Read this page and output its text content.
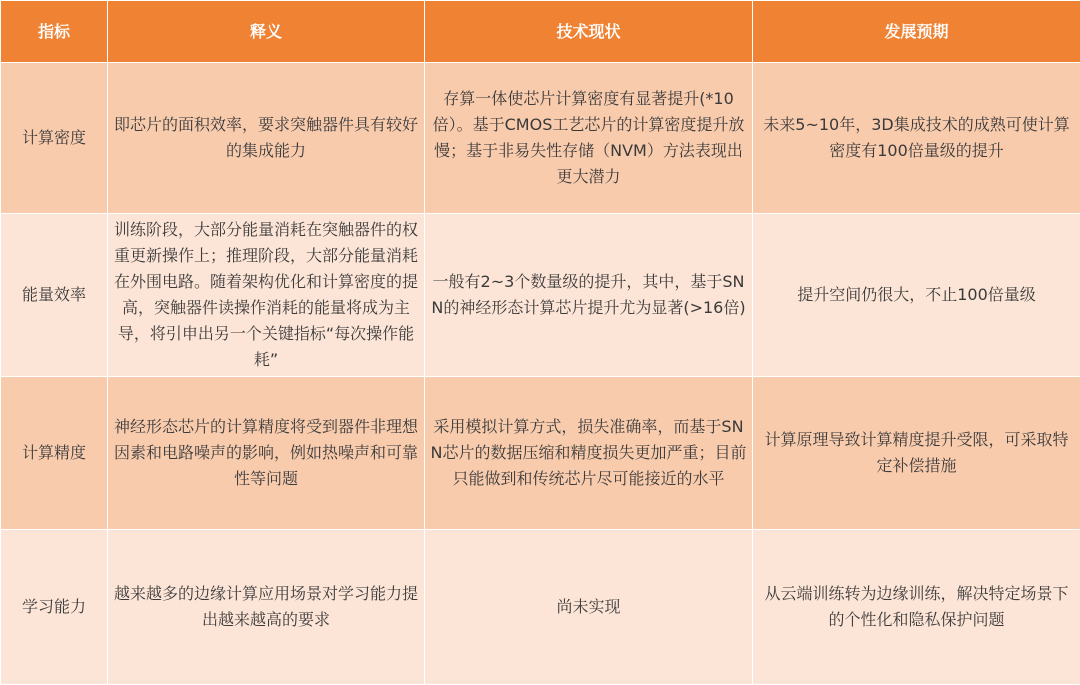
指标	释义	技术现状	发展预期
计算密度	即芯片的面积效率，要求突触器件具有较好的集成能力	存算一体使芯片计算密度有显著提升(*10倍）。基于CMOS工艺芯片的计算密度提升放慢；基于非易失性存储（NVM）方法表现出更大潜力	未来5~10年，3D集成技术的成熟可使计算密度有100倍量级的提升
能量效率	训练阶段，大部分能量消耗在突触器件的权重更新操作上；推理阶段，大部分能量消耗在外围电路。随着架构优化和计算密度的提高，突触器件读操作消耗的能量将成为主导，将引申出另一个关键指标“每次操作能耗”	一般有2~3个数量级的提升，其中，基于SNN的神经形态计算芯片提升尤为显著(>16倍)	提升空间仍很大，不止100倍量级
计算精度	神经形态芯片的计算精度将受到器件非理想因素和电路噪声的影响，例如热噪声和可靠性等问题	采用模拟计算方式，损失准确率，而基于SNN芯片的数据压缩和精度损失更加严重；目前只能做到和传统芯片尽可能接近的水平	计算原理导致计算精度提升受限，可采取特定补偿措施
学习能力	越来越多的边缘计算应用场景对学习能力提出越来越高的要求	尚未实现	从云端训练转为边缘训练，解决特定场景下的个性化和隐私保护问题
